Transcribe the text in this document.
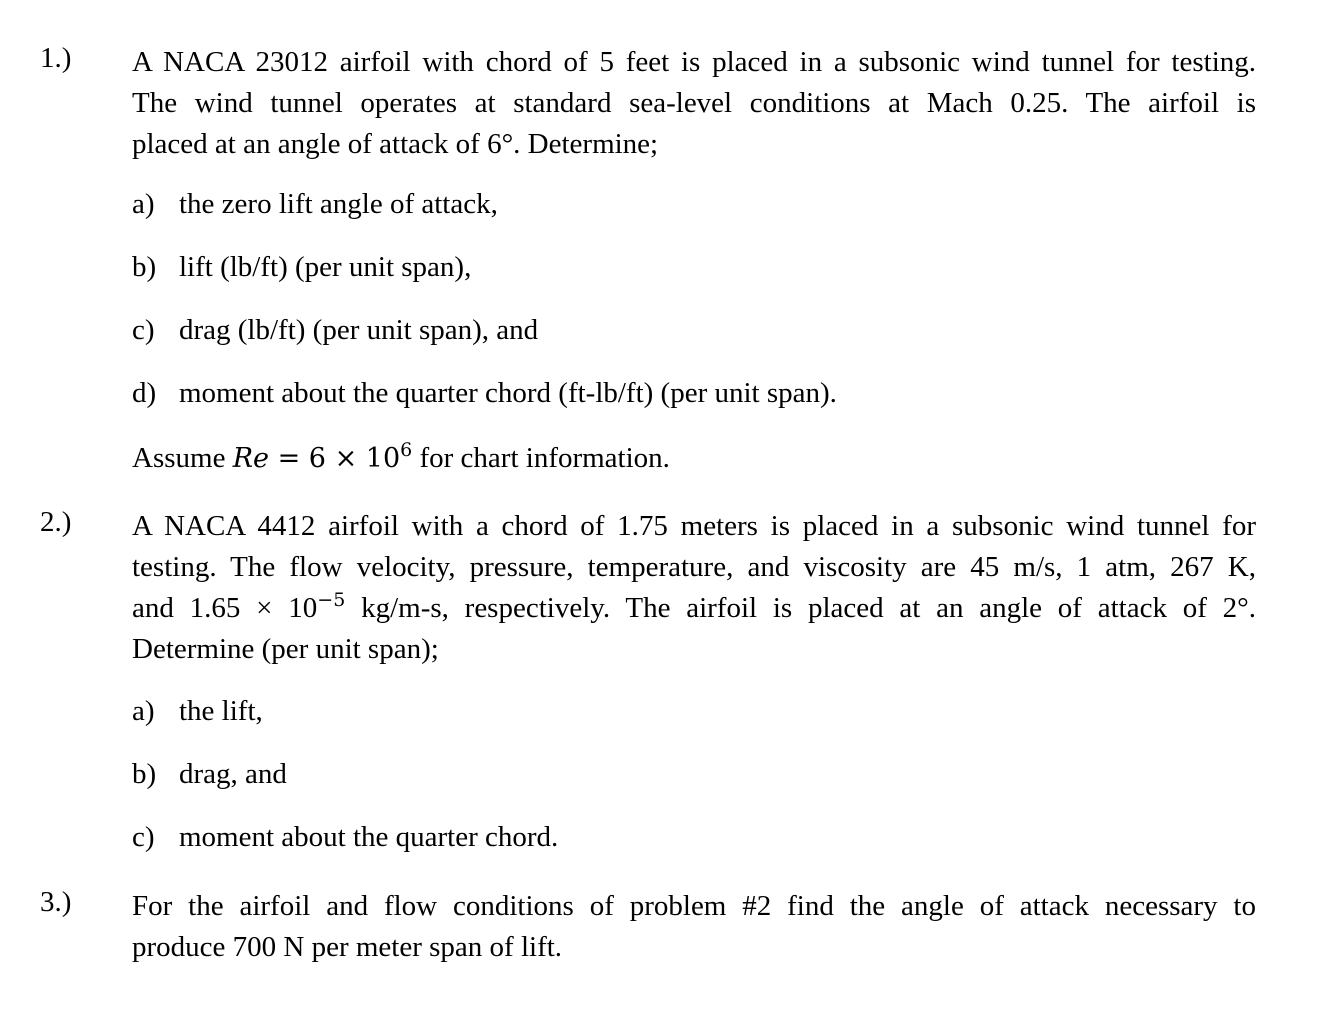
1.) A NACA 23012 airfoil with chord of 5 feet is placed in a subsonic wind tunnel for testing.
The wind tunnel operates at standard sea-level conditions at Mach 0.25. The airfoil is
placed at an angle of attack of 6°. Determine;
a) the zero lift angle of attack,
b) lift (lb/ft) (per unit span),
c) drag (lb/ft) (per unit span), and
d) moment about the quarter chord (ft-lb/ft) (per unit span).
Assume $Re = 6 \times 10^6$ for chart information.
2.) A NACA 4412 airfoil with a chord of 1.75 meters is placed in a subsonic wind tunnel for
testing. The flow velocity, pressure, temperature, and viscosity are 45 m/s, 1 atm, 267 K,
and $1.65 \times 10^{-5}$ kg/m-s, respectively. The airfoil is placed at an angle of attack of 2°.
Determine (per unit span);
a) the lift,
b) drag, and
c) moment about the quarter chord.
3.) For the airfoil and flow conditions of problem #2 find the angle of attack necessary to
produce 700 N per meter span of lift.
